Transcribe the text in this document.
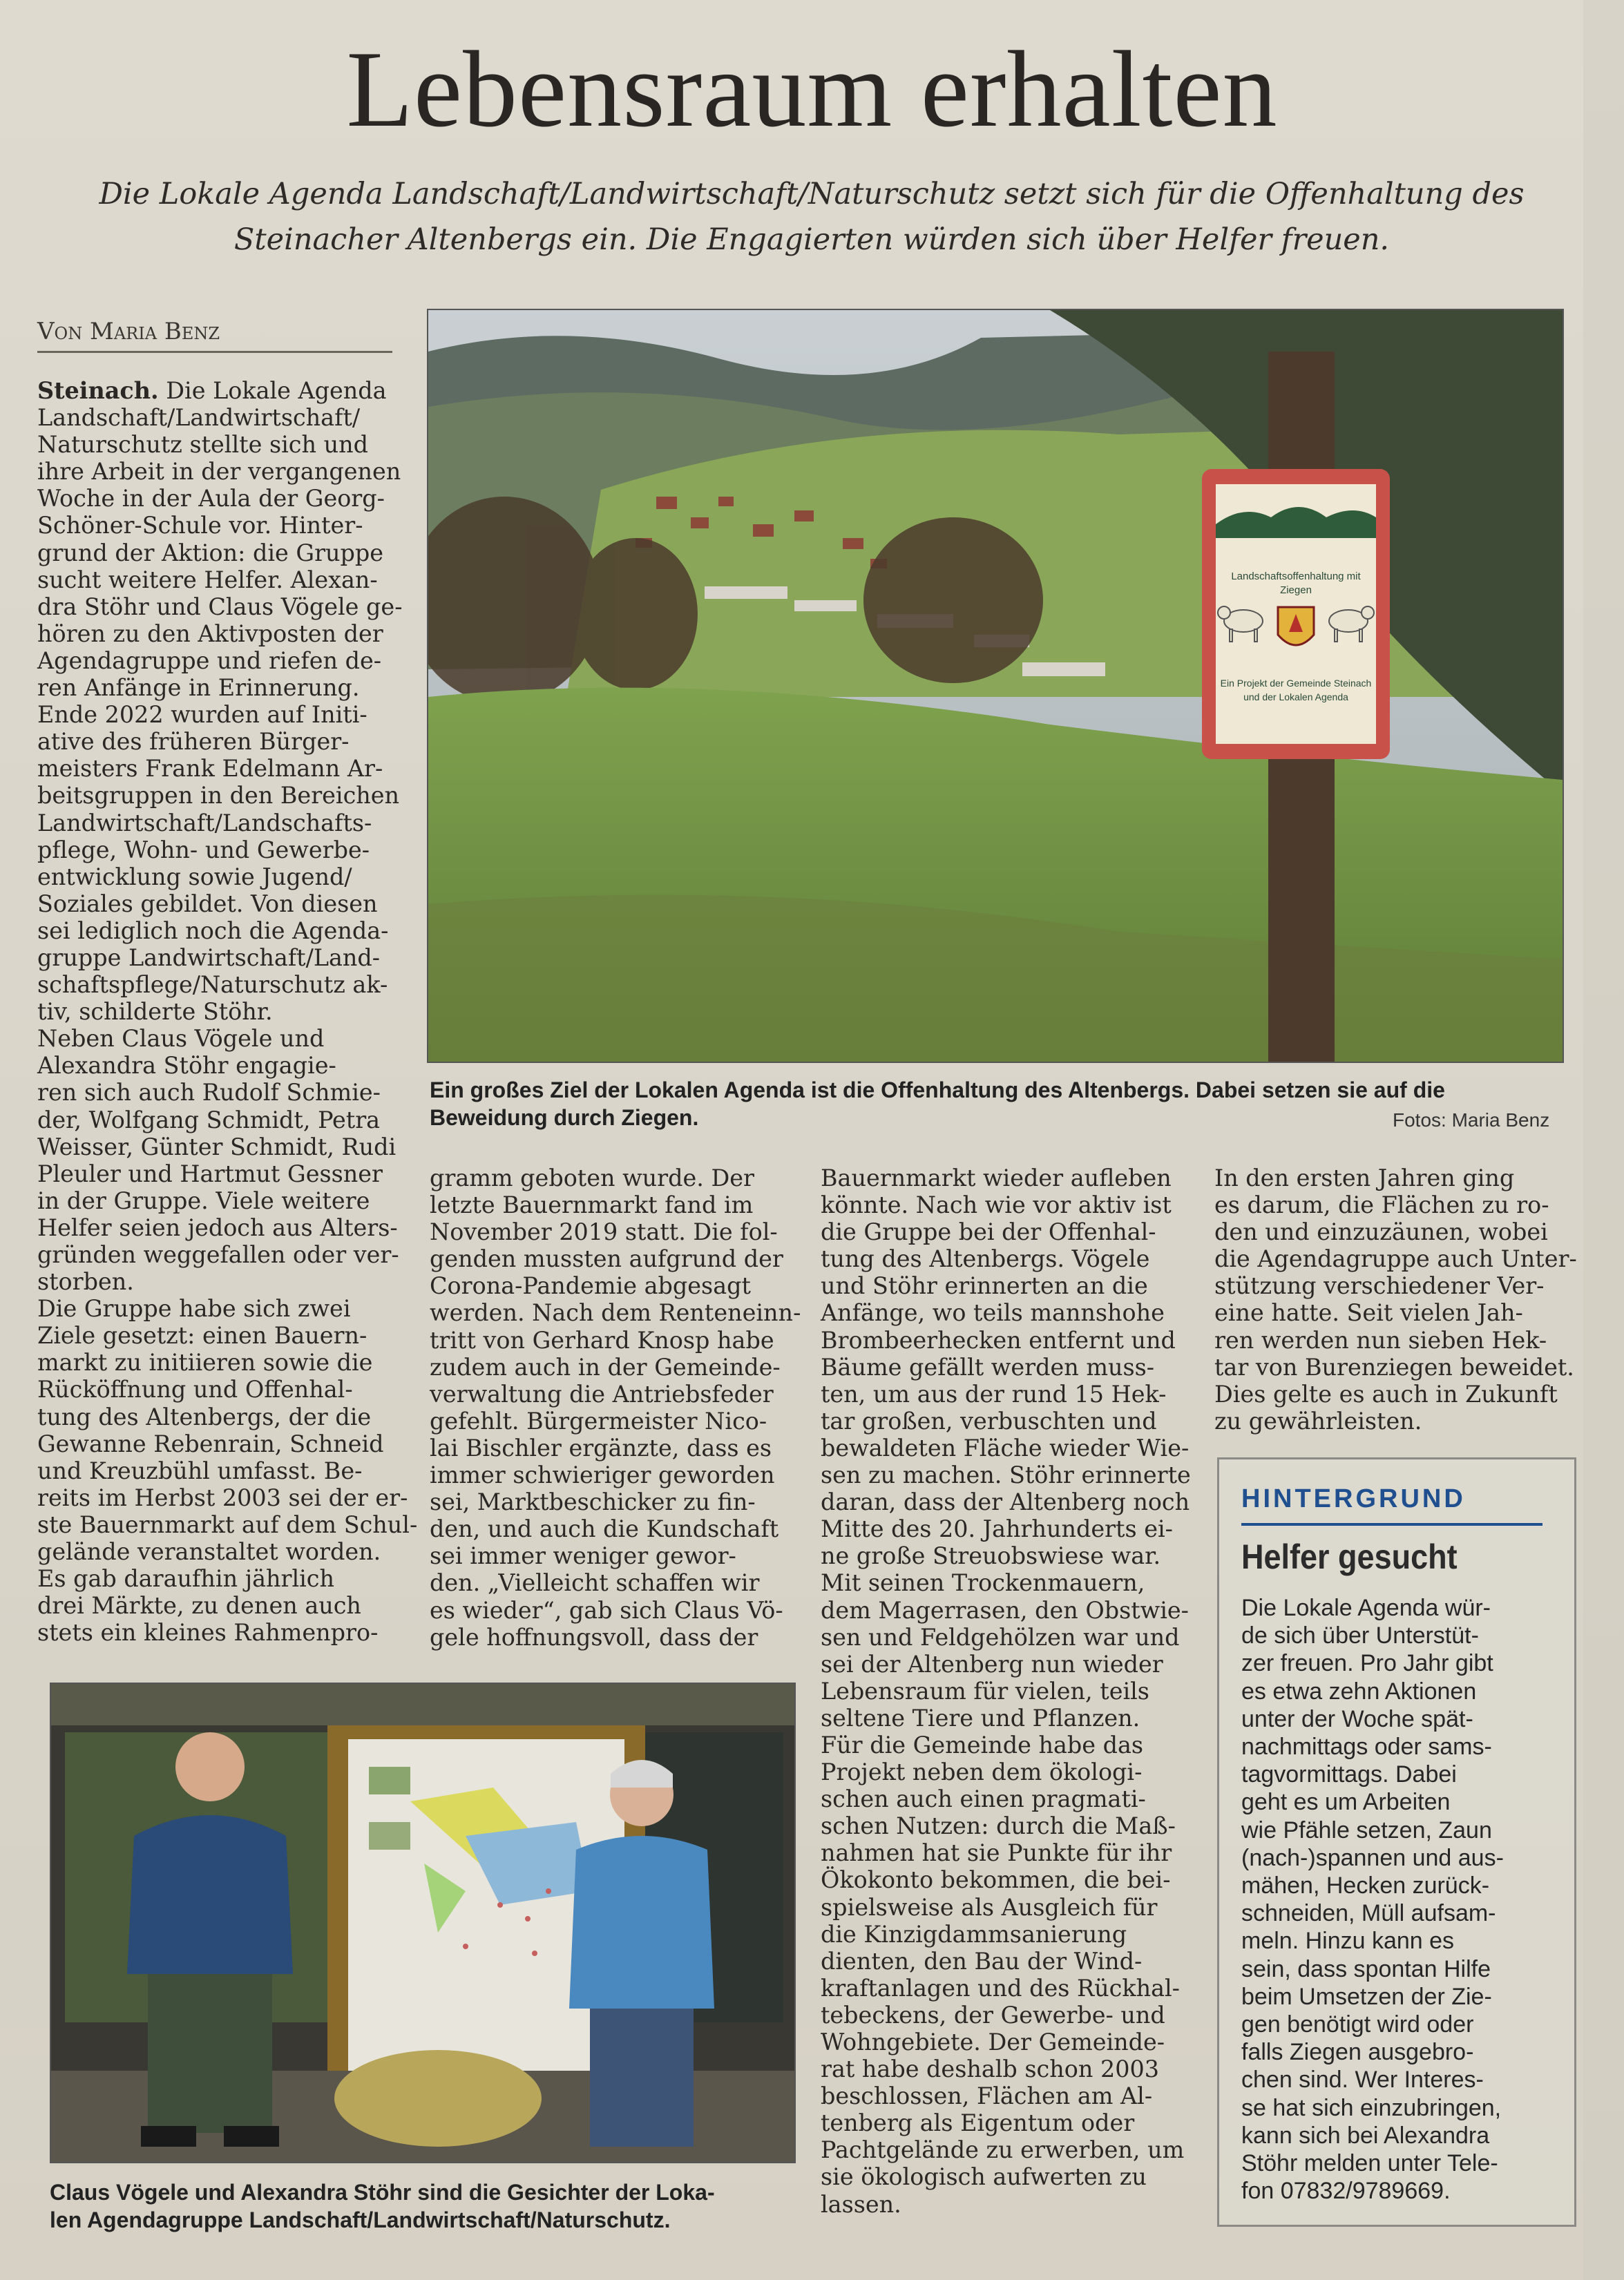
Lebensraum erhalten
Die Lokale Agenda Landschaft/Landwirtschaft/Naturschutz setzt sich für die Offenhaltung des
Steinacher Altenbergs ein. Die Engagierten würden sich über Helfer freuen.
Von Maria Benz
Steinach. Die Lokale Agenda
Landschaft/Landwirtschaft/
Naturschutz stellte sich und
ihre Arbeit in der vergangenen
Woche in der Aula der Georg-
Schöner-Schule vor. Hinter-
grund der Aktion: die Gruppe
sucht weitere Helfer. Alexan-
dra Stöhr und Claus Vögele ge-
hören zu den Aktivposten der
Agendagruppe und riefen de-
ren Anfänge in Erinnerung.
Ende 2022 wurden auf Initi-
ative des früheren Bürger-
meisters Frank Edelmann Ar-
beitsgruppen in den Bereichen
Landwirtschaft/Landschafts-
pflege, Wohn- und Gewerbe-
entwicklung sowie Jugend/
Soziales gebildet. Von diesen
sei lediglich noch die Agenda-
gruppe Landwirtschaft/Land-
schaftspflege/Naturschutz ak-
tiv, schilderte Stöhr.
Neben Claus Vögele und
Alexandra Stöhr engagie-
ren sich auch Rudolf Schmie-
der, Wolfgang Schmidt, Petra
Weisser, Günter Schmidt, Rudi
Pleuler und Hartmut Gessner
in der Gruppe. Viele weitere
Helfer seien jedoch aus Alters-
gründen weggefallen oder ver-
storben.
Die Gruppe habe sich zwei
Ziele gesetzt: einen Bauern-
markt zu initiieren sowie die
Rücköffnung und Offenhal-
tung des Altenbergs, der die
Gewanne Rebenrain, Schneid
und Kreuzbühl umfasst. Be-
reits im Herbst 2003 sei der er-
ste Bauernmarkt auf dem Schul-
gelände veranstaltet worden.
Es gab daraufhin jährlich
drei Märkte, zu denen auch
stets ein kleines Rahmenpro-
Landschaftsoffenhaltung mit
Ziegen
Ein Projekt der Gemeinde Steinach
und der Lokalen Agenda
Ein großes Ziel der Lokalen Agenda ist die Offenhaltung des Altenbergs. Dabei setzen sie auf die
Beweidung durch Ziegen.	Fotos: Maria Benz
gramm geboten wurde. Der
letzte Bauernmarkt fand im
November 2019 statt. Die fol-
genden mussten aufgrund der
Corona-Pandemie abgesagt
werden. Nach dem Renteneinn-
tritt von Gerhard Knosp habe
zudem auch in der Gemeinde-
verwaltung die Antriebsfeder
gefehlt. Bürgermeister Nico-
lai Bischler ergänzte, dass es
immer schwieriger geworden
sei, Marktbeschicker zu fin-
den, und auch die Kundschaft
sei immer weniger gewor-
den. „Vielleicht schaffen wir
es wieder“, gab sich Claus Vö-
gele hoffnungsvoll, dass der
Bauernmarkt wieder aufleben
könnte. Nach wie vor aktiv ist
die Gruppe bei der Offenhal-
tung des Altenbergs. Vögele
und Stöhr erinnerten an die
Anfänge, wo teils mannshohe
Brombeerhecken entfernt und
Bäume gefällt werden muss-
ten, um aus der rund 15 Hek-
tar großen, verbuschten und
bewaldeten Fläche wieder Wie-
sen zu machen. Stöhr erinnerte
daran, dass der Altenberg noch
Mitte des 20. Jahrhunderts ei-
ne große Streuobswiese war.
Mit seinen Trockenmauern,
dem Magerrasen, den Obstwie-
sen und Feldgehölzen war und
sei der Altenberg nun wieder
Lebensraum für vielen, teils
seltene Tiere und Pflanzen.
Für die Gemeinde habe das
Projekt neben dem ökologi-
schen auch einen pragmati-
schen Nutzen: durch die Maß-
nahmen hat sie Punkte für ihr
Ökokonto bekommen, die bei-
spielsweise als Ausgleich für
die Kinzigdammsanierung
dienten, den Bau der Wind-
kraftanlagen und des Rückhal-
tebeckens, der Gewerbe- und
Wohngebiete. Der Gemeinde-
rat habe deshalb schon 2003
beschlossen, Flächen am Al-
tenberg als Eigentum oder
Pachtgelände zu erwerben, um
sie ökologisch aufwerten zu
lassen.
In den ersten Jahren ging
es darum, die Flächen zu ro-
den und einzuzäunen, wobei
die Agendagruppe auch Unter-
stützung verschiedener Ver-
eine hatte. Seit vielen Jah-
ren werden nun sieben Hek-
tar von Burenziegen beweidet.
Dies gelte es auch in Zukunft
zu gewährleisten.
Claus Vögele und Alexandra Stöhr sind die Gesichter der Loka-
len Agendagruppe Landschaft/Landwirtschaft/Naturschutz.
HINTERGRUND
Helfer gesucht
Die Lokale Agenda wür-
de sich über Unterstüt-
zer freuen. Pro Jahr gibt
es etwa zehn Aktionen
unter der Woche spät-
nachmittags oder sams-
tagvormittags. Dabei
geht es um Arbeiten
wie Pfähle setzen, Zaun
(nach-)spannen und aus-
mähen, Hecken zurück-
schneiden, Müll aufsam-
meln. Hinzu kann es
sein, dass spontan Hilfe
beim Umsetzen der Zie-
gen benötigt wird oder
falls Ziegen ausgebro-
chen sind. Wer Interes-
se hat sich einzubringen,
kann sich bei Alexandra
Stöhr melden unter Tele-
fon 07832/9789669.
